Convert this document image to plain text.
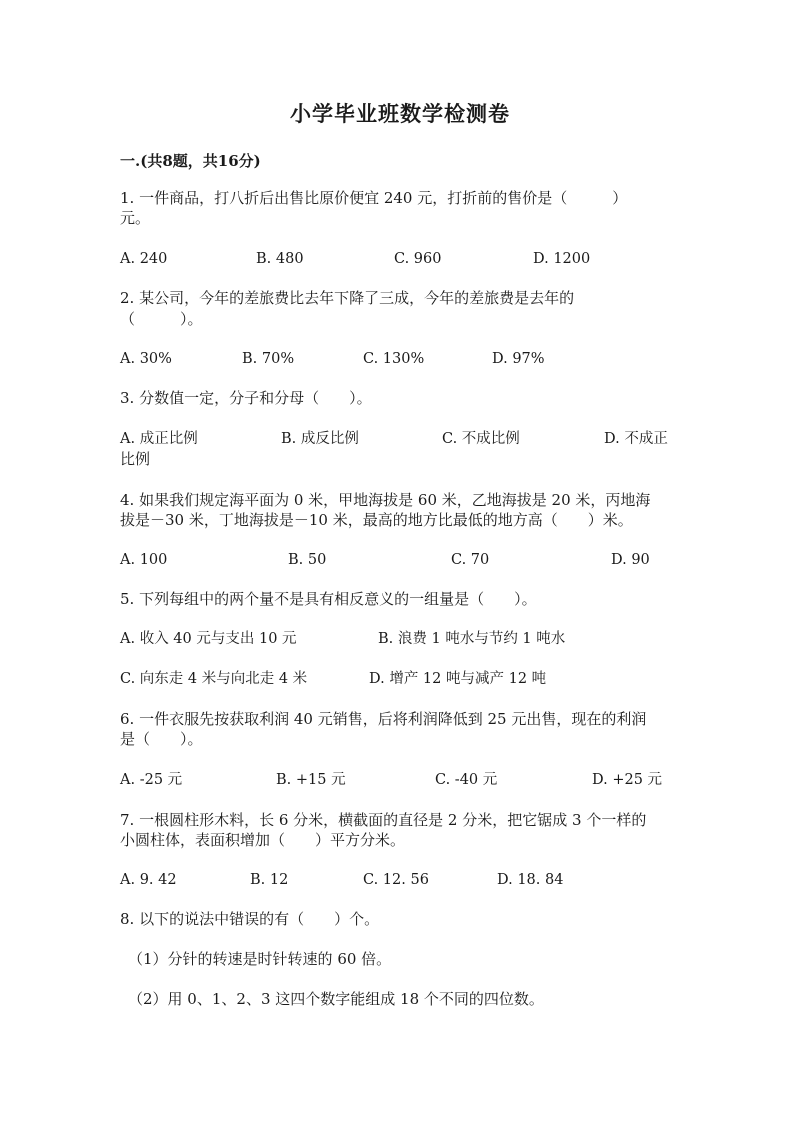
小学毕业班数学检测卷
一.(共8题，共16分)
1. 一件商品，打八折后出售比原价便宜 240 元，打折前的售价是（　　　）
元。
A. 240	B. 480	C. 960	D. 1200
2. 某公司，今年的差旅费比去年下降了三成，今年的差旅费是去年的
（　　　）。
A. 30%	B. 70%	C. 130%	D. 97%
3. 分数值一定，分子和分母（　　）。
A. 成正比例	B. 成反比例	C. 不成比例	D. 不成正
比例
4. 如果我们规定海平面为 0 米，甲地海拔是 60 米，乙地海拔是 20 米，丙地海
拔是－30 米，丁地海拔是－10 米，最高的地方比最低的地方高（　　）米。
A. 100	B. 50	C. 70	D. 90
5. 下列每组中的两个量不是具有相反意义的一组量是（　　）。
A. 收入 40 元与支出 10 元	B. 浪费 1 吨水与节约 1 吨水
C. 向东走 4 米与向北走 4 米	D. 增产 12 吨与减产 12 吨
6. 一件衣服先按获取利润 40 元销售，后将利润降低到 25 元出售，现在的利润
是（　　）。
A. -25 元	B. +15 元	C. -40 元	D. +25 元
7. 一根圆柱形木料，长 6 分米，横截面的直径是 2 分米，把它锯成 3 个一样的
小圆柱体，表面积增加（　　）平方分米。
A. 9. 42	B. 12	C. 12. 56	D. 18. 84
8. 以下的说法中错误的有（　　）个。
（1）分针的转速是时针转速的 60 倍。
（2）用 0、1、2、3 这四个数字能组成 18 个不同的四位数。
